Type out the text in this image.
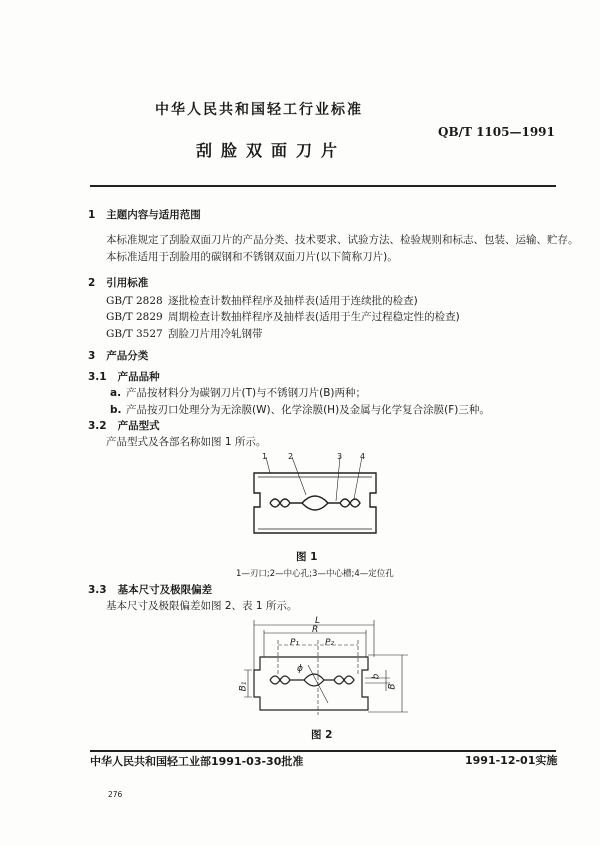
中华人民共和国轻工行业标准
QB/T 1105—1991
刮脸双面刀片
1 主题内容与适用范围
本标准规定了刮脸双面刀片的产品分类、技术要求、试验方法、检验规则和标志、包装、运输、贮存。
本标准适用于刮脸用的碳钢和不锈钢双面刀片(以下简称刀片)。
2 引用标准
GB/T 2828 逐批检查计数抽样程序及抽样表(适用于连续批的检查)
GB/T 2829 周期检查计数抽样程序及抽样表(适用于生产过程稳定性的检查)
GB/T 3527 刮脸刀片用冷轧钢带
3 产品分类
3.1 产品品种
a. 产品按材料分为碳钢刀片(T)与不锈钢刀片(B)两种；
b. 产品按刃口处理分为无涂膜(W)、化学涂膜(H)及金属与化学复合涂膜(F)三种。
3.2 产品型式
产品型式及各部名称如图 1 所示。
1	2	3 4
图 1
1—刃口;2—中心孔;3—中心槽;4—定位孔
3.3 基本尺寸及极限偏差
基本尺寸及极限偏差如图 2、表 1 所示。
L
R
P₁	P₂
ϕ
B₁	B
b
图 2
中华人民共和国轻工业部1991-03-30批准	1991-12-01实施
276
